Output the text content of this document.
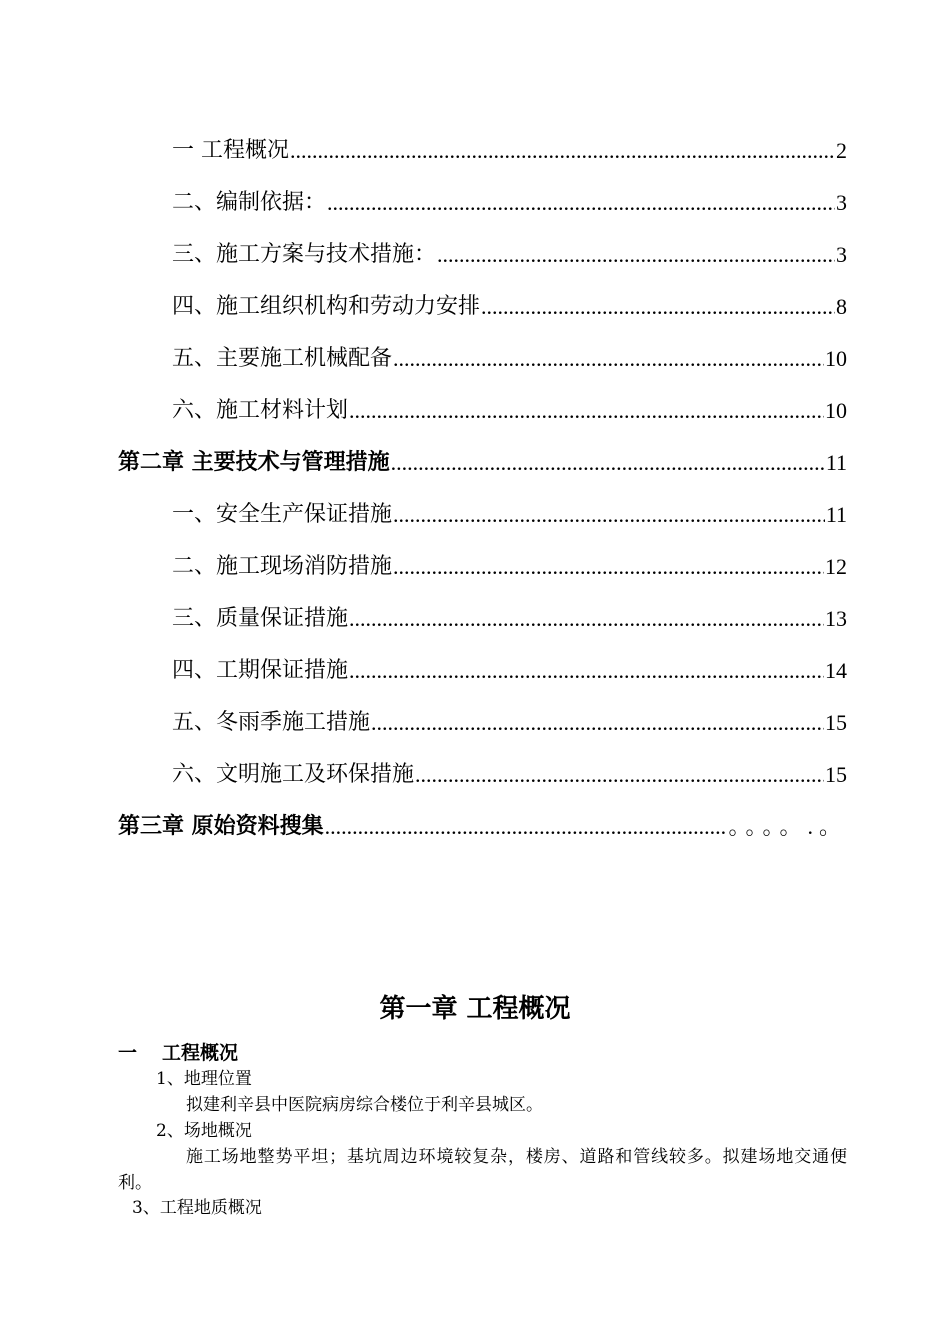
一 工程概况 .....	2
二、编制依据： .....	3
三、施工方案与技术措施： .....	3
四、施工组织机构和劳动力安排 .....	8
五、主要施工机械配备 .....	10
六、施工材料计划 .....	10
第二章 主要技术与管理措施 .....	11
一、安全生产保证措施 .....	11
二、施工现场消防措施 .....	12
三、质量保证措施 .....	13
四、工期保证措施 .....	14
五、冬雨季施工措施 .....	15
六、文明施工及环保措施 .....	15
第三章 原始资料搜集 .....	。。。。.。
第一章 工程概况
一 工程概况
1、地理位置
拟建利辛县中医院病房综合楼位于利辛县城区。
2、场地概况
施工场地整势平坦；基坑周边环境较复杂，楼房、道路和管线较多。拟建场地交通便利。
3、工程地质概况
